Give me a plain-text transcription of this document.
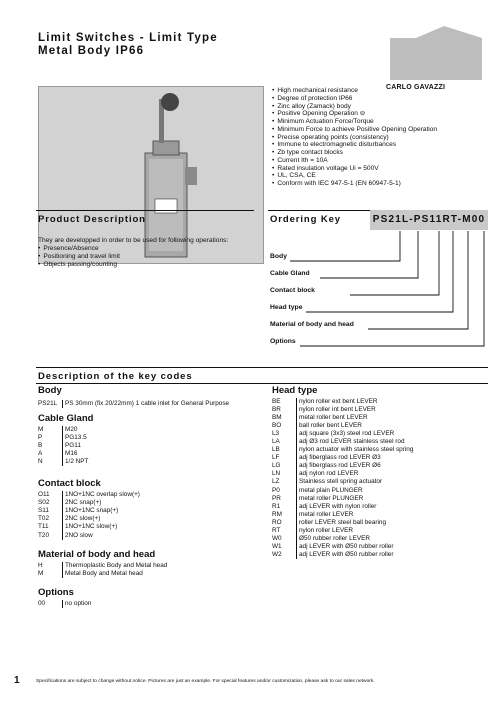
Limit Switches - Limit Type
Metal Body IP66
CARLO GAVAZZI
• High mechanical resistance
• Degree of protection IP66
• Zinc alloy (Zamack) body
• Positive Opening Operation ⊖
• Minimum Actuation Force/Torque
• Minimum Force to achieve Positive Opening Operation
• Precise operating points (consistency)
• Immune to electromagnetic disturbances
• Zb type contact blocks
• Current Ith = 10A
• Rated insulation voltage Ui = 500V
• UL, CSA, CE
• Conform with IEC 947-5-1 (EN 60947-5-1)
Product Description
They are developped in order to be used for following operations:
• Presence/Absence
• Positioning and travel limit
• Objects passing/counting
Ordering Key	PS21L-PS11RT-M00
Body
Cable Gland
Contact block
Head type
Material of body and head
Options
Description of the key codes
Body
PS21L	PS 30mm (fix 20/22mm) 1 cable inlet for General Purpose
Cable Gland
M	M20
P	PG13.5
B	PG11
A	M16
N	1/2 NPT
Contact block
O11	1NO+1NC overlap slow(+)
S02	2NC snap(+)
S11	1NO+1NC snap(+)
T02	2NC slow(+)
T11	1NO+1NC slow(+)
T20	2NO slow
Material of body and head
H	Thermoplastic Body and Metal head
M	Metal Body and Metal head
Options
00	no option
Head type
BE	nylon roller ext bent LEVER
BR	nylon roller int bent LEVER
BM	metal roller bent LEVER
BO	ball roller bent LEVER
L3	adj square (3x3) steel rod LEVER
LA	adj Ø3 rod LEVER stainless steel rod
LB	nylon actuator with stainless steel spring
LF	adj fiberglass rod LEVER Ø3
LG	adj fiberglass rod LEVER Ø6
LN	adj nylon rod LEVER
LZ	Stainless stell spring actuator
P0	metal plain PLUNGER
PR	metal roller PLUNGER
R1	adj LEVER with nylon roller
RM	metal roller LEVER
RO	roller LEVER steel ball bearing
RT	nylon roller LEVER
W0	Ø50 rubber roller LEVER
W1	adj LEVER with Ø50 rubber roller
W2	adj LEVER with Ø50 rubber roller
1	Specifications are subject to change without notice. Pictures are just an example. For special features and/or customization, please ask to our sales network.
